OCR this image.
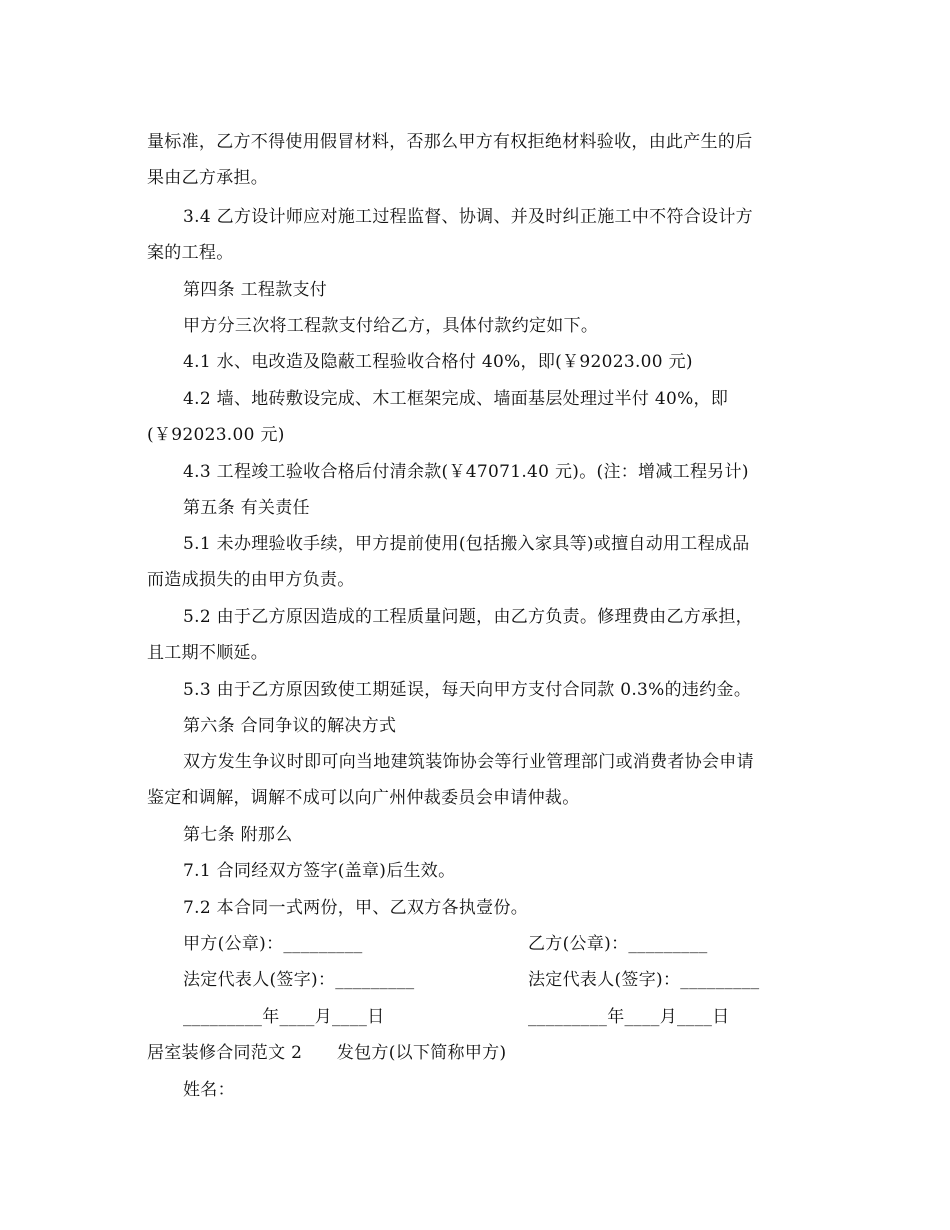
量标准，乙方不得使用假冒材料，否那么甲方有权拒绝材料验收，由此产生的后
果由乙方承担。
3.4 乙方设计师应对施工过程监督、协调、并及时纠正施工中不符合设计方
案的工程。
第四条 工程款支付
甲方分三次将工程款支付给乙方，具体付款约定如下。
4.1 水、电改造及隐蔽工程验收合格付 40%，即(￥92023.00 元)
4.2 墙、地砖敷设完成、木工框架完成、墙面基层处理过半付 40%，即
(￥92023.00 元)
4.3 工程竣工验收合格后付清余款(￥47071.40 元)。(注：增减工程另计)
第五条 有关责任
5.1 未办理验收手续，甲方提前使用(包括搬入家具等)或擅自动用工程成品
而造成损失的由甲方负责。
5.2 由于乙方原因造成的工程质量问题，由乙方负责。修理费由乙方承担，
且工期不顺延。
5.3 由于乙方原因致使工期延误，每天向甲方支付合同款 0.3%的违约金。
第六条 合同争议的解决方式
双方发生争议时即可向当地建筑装饰协会等行业管理部门或消费者协会申请
鉴定和调解，调解不成可以向广州仲裁委员会申请仲裁。
第七条 附那么
7.1 合同经双方签字(盖章)后生效。
7.2 本合同一式两份，甲、乙双方各执壹份。
甲方(公章)：_________	乙方(公章)：_________
法定代表人(签字)：_________	法定代表人(签字)：_________
_________年____月____日	_________年____月____日
居室装修合同范文 2　　发包方(以下简称甲方)
姓名：
